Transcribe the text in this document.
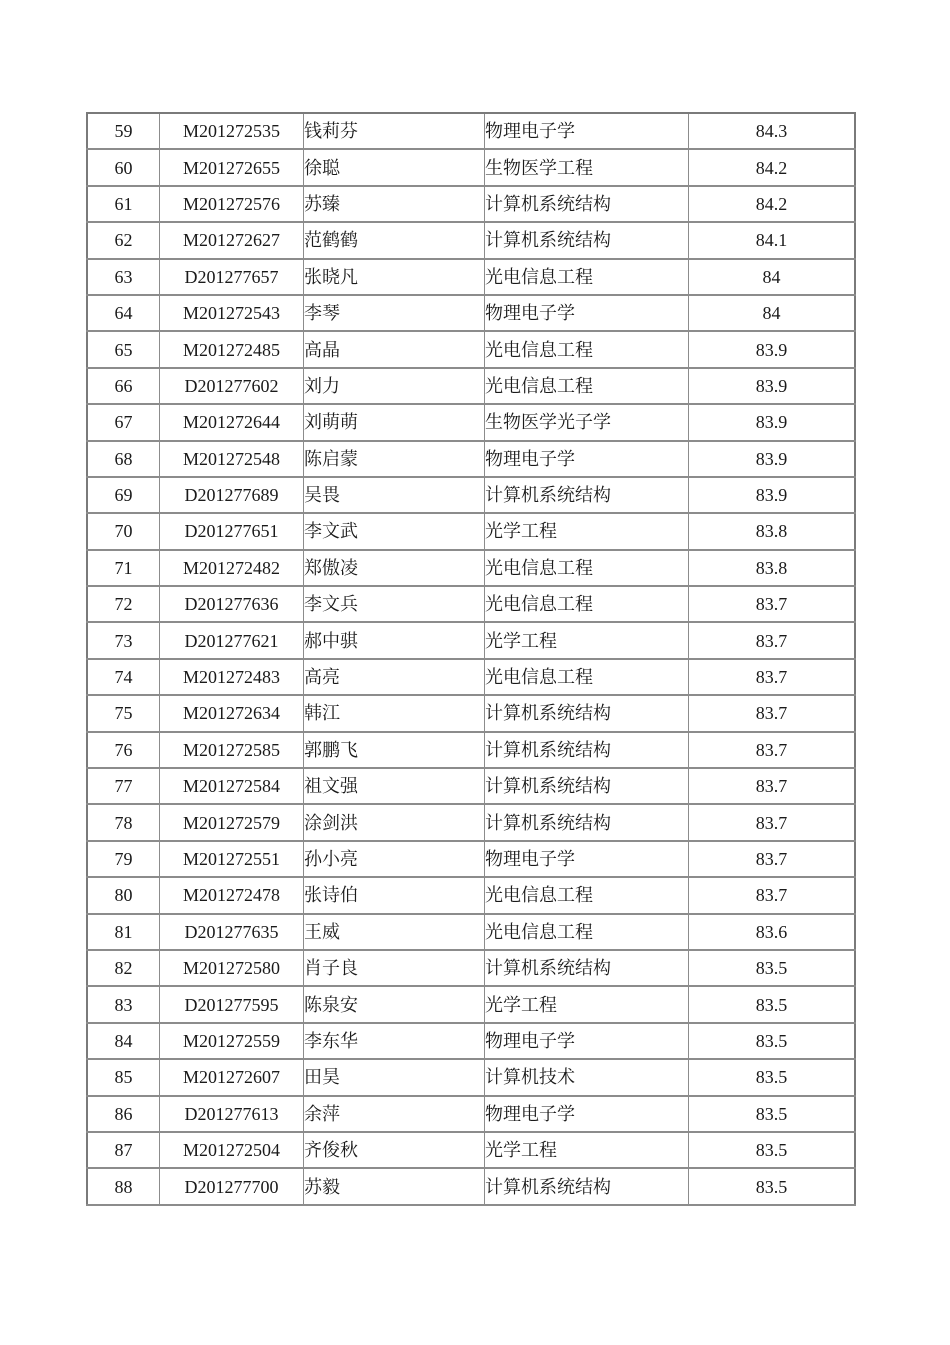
59	M201272535	钱莉芬	物理电子学	84.3
60	M201272655	徐聪	生物医学工程	84.2
61	M201272576	苏臻	计算机系统结构	84.2
62	M201272627	范鹤鹤	计算机系统结构	84.1
63	D201277657	张晓凡	光电信息工程	84
64	M201272543	李琴	物理电子学	84
65	M201272485	高晶	光电信息工程	83.9
66	D201277602	刘力	光电信息工程	83.9
67	M201272644	刘萌萌	生物医学光子学	83.9
68	M201272548	陈启蒙	物理电子学	83.9
69	D201277689	吴畏	计算机系统结构	83.9
70	D201277651	李文武	光学工程	83.8
71	M201272482	郑傲凌	光电信息工程	83.8
72	D201277636	李文兵	光电信息工程	83.7
73	D201277621	郝中骐	光学工程	83.7
74	M201272483	高亮	光电信息工程	83.7
75	M201272634	韩江	计算机系统结构	83.7
76	M201272585	郭鹏飞	计算机系统结构	83.7
77	M201272584	祖文强	计算机系统结构	83.7
78	M201272579	涂剑洪	计算机系统结构	83.7
79	M201272551	孙小亮	物理电子学	83.7
80	M201272478	张诗伯	光电信息工程	83.7
81	D201277635	王威	光电信息工程	83.6
82	M201272580	肖子良	计算机系统结构	83.5
83	D201277595	陈泉安	光学工程	83.5
84	M201272559	李东华	物理电子学	83.5
85	M201272607	田昊	计算机技术	83.5
86	D201277613	余萍	物理电子学	83.5
87	M201272504	齐俊秋	光学工程	83.5
88	D201277700	苏毅	计算机系统结构	83.5
